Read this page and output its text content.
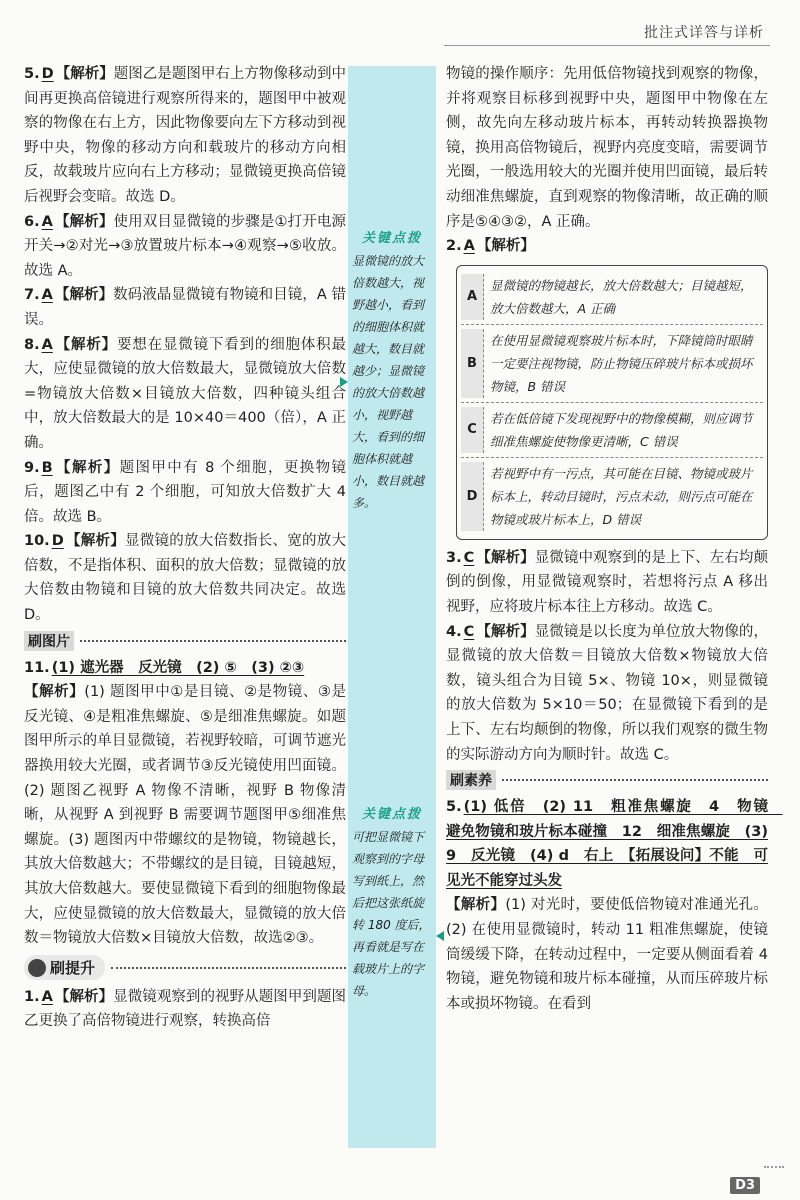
批注式详答与详析

5. D 【解析】题图乙是题图甲右上方物像移动到中间再更换高倍镜进行观察所得来的，题图甲中被观察的物像在右上方，因此物像要向左下方移动到视野中央，物像的移动方向和载玻片的移动方向相反，故载玻片应向右上方移动；显微镜更换高倍镜后视野会变暗。故选 D。

6. A 【解析】使用双目显微镜的步骤是①打开电源开关→②对光→③放置玻片标本→④观察→⑤收放。故选 A。

7. A 【解析】数码液晶显微镜有物镜和目镜，A 错误。

8. A 【解析】要想在显微镜下看到的细胞体积最大，应使显微镜的放大倍数最大，显微镜放大倍数=物镜放大倍数×目镜放大倍数，四种镜头组合中，放大倍数最大的是 10×40＝400（倍），A 正确。

9. B 【解析】题图甲中有 8 个细胞，更换物镜后，题图乙中有 2 个细胞，可知放大倍数扩大 4 倍。故选 B。

10. D 【解析】显微镜的放大倍数指长、宽的放大倍数，不是指体积、面积的放大倍数；显微镜的放大倍数由物镜和目镜的放大倍数共同决定。故选 D。

刷图片

11. (1) 遮光器　反光镜　(2) ⑤　(3) ②③

【解析】(1) 题图甲中①是目镜、②是物镜、③是反光镜、④是粗准焦螺旋、⑤是细准焦螺旋。如题图甲所示的单目显微镜，若视野较暗，可调节遮光器换用较大光圈，或者调节③反光镜使用凹面镜。(2) 题图乙视野 A 物像不清晰，视野 B 物像清晰，从视野 A 到视野 B 需要调节题图甲⑤细准焦螺旋。(3) 题图丙中带螺纹的是物镜，物镜越长，其放大倍数越大；不带螺纹的是目镜，目镜越短，其放大倍数越大。要使显微镜下看到的细胞物像最大，应使显微镜的放大倍数最大，显微镜的放大倍数＝物镜放大倍数×目镜放大倍数，故选②③。

刷提升

1. A 【解析】显微镜观察到的视野从题图甲到题图乙更换了高倍物镜进行观察，转换高倍

关键点拨
显微镜的放大倍数越大，视野越小，看到的细胞体积就越大，数目就越少；显微镜的放大倍数越小，视野越大，看到的细胞体积就越小，数目就越多。
关键点拨
可把显微镜下观察到的字母写到纸上，然后把这张纸旋转 180 度后，再看就是写在载玻片上的字母。

物镜的操作顺序：先用低倍物镜找到观察的物像，并将观察目标移到视野中央，题图甲中物像在左侧，故先向左移动玻片标本，再转动转换器换物镜，换用高倍物镜后，视野内亮度变暗，需要调节光圈，一般选用较大的光圈并使用凹面镜，最后转动细准焦螺旋，直到观察的物像清晰，故正确的顺序是⑤④③②，A 正确。

2. A 【解析】

A
显微镜的物镜越长，放大倍数越大；目镜越短，放大倍数越大，A 正确
B
在使用显微镜观察玻片标本时，下降镜筒时眼睛一定要注视物镜，防止物镜压碎玻片标本或损坏物镜，B 错误
C
若在低倍镜下发现视野中的物像模糊，则应调节细准焦螺旋使物像更清晰，C 错误
D
若视野中有一污点，其可能在目镜、物镜或玻片标本上，转动目镜时，污点未动，则污点可能在物镜或玻片标本上，D 错误

3. C 【解析】显微镜中观察到的是上下、左右均颠倒的倒像，用显微镜观察时，若想将污点 A 移出视野，应将玻片标本往上方移动。故选 C。

4. C 【解析】显微镜是以长度为单位放大物像的，显微镜的放大倍数＝目镜放大倍数×物镜放大倍数，镜头组合为目镜 5×、物镜 10×，则显微镜的放大倍数为 5×10＝50；在显微镜下看到的是上下、左右均颠倒的物像，所以我们观察的微生物的实际游动方向为顺时针。故选 C。

刷素养

5. (1) 低倍　(2) 11　粗准焦螺旋　4　物镜　避免物镜和玻片标本碰撞　12　细准焦螺旋　(3) 9　反光镜　(4) d　右上　【拓展设问】不能　可见光不能穿过头发

【解析】(1) 对光时，要使低倍物镜对准通光孔。(2) 在使用显微镜时，转动 11 粗准焦螺旋，使镜筒缓缓下降，在转动过程中，一定要从侧面看着 4 物镜，避免物镜和玻片标本碰撞，从而压碎玻片标本或损坏物镜。在看到

D3
